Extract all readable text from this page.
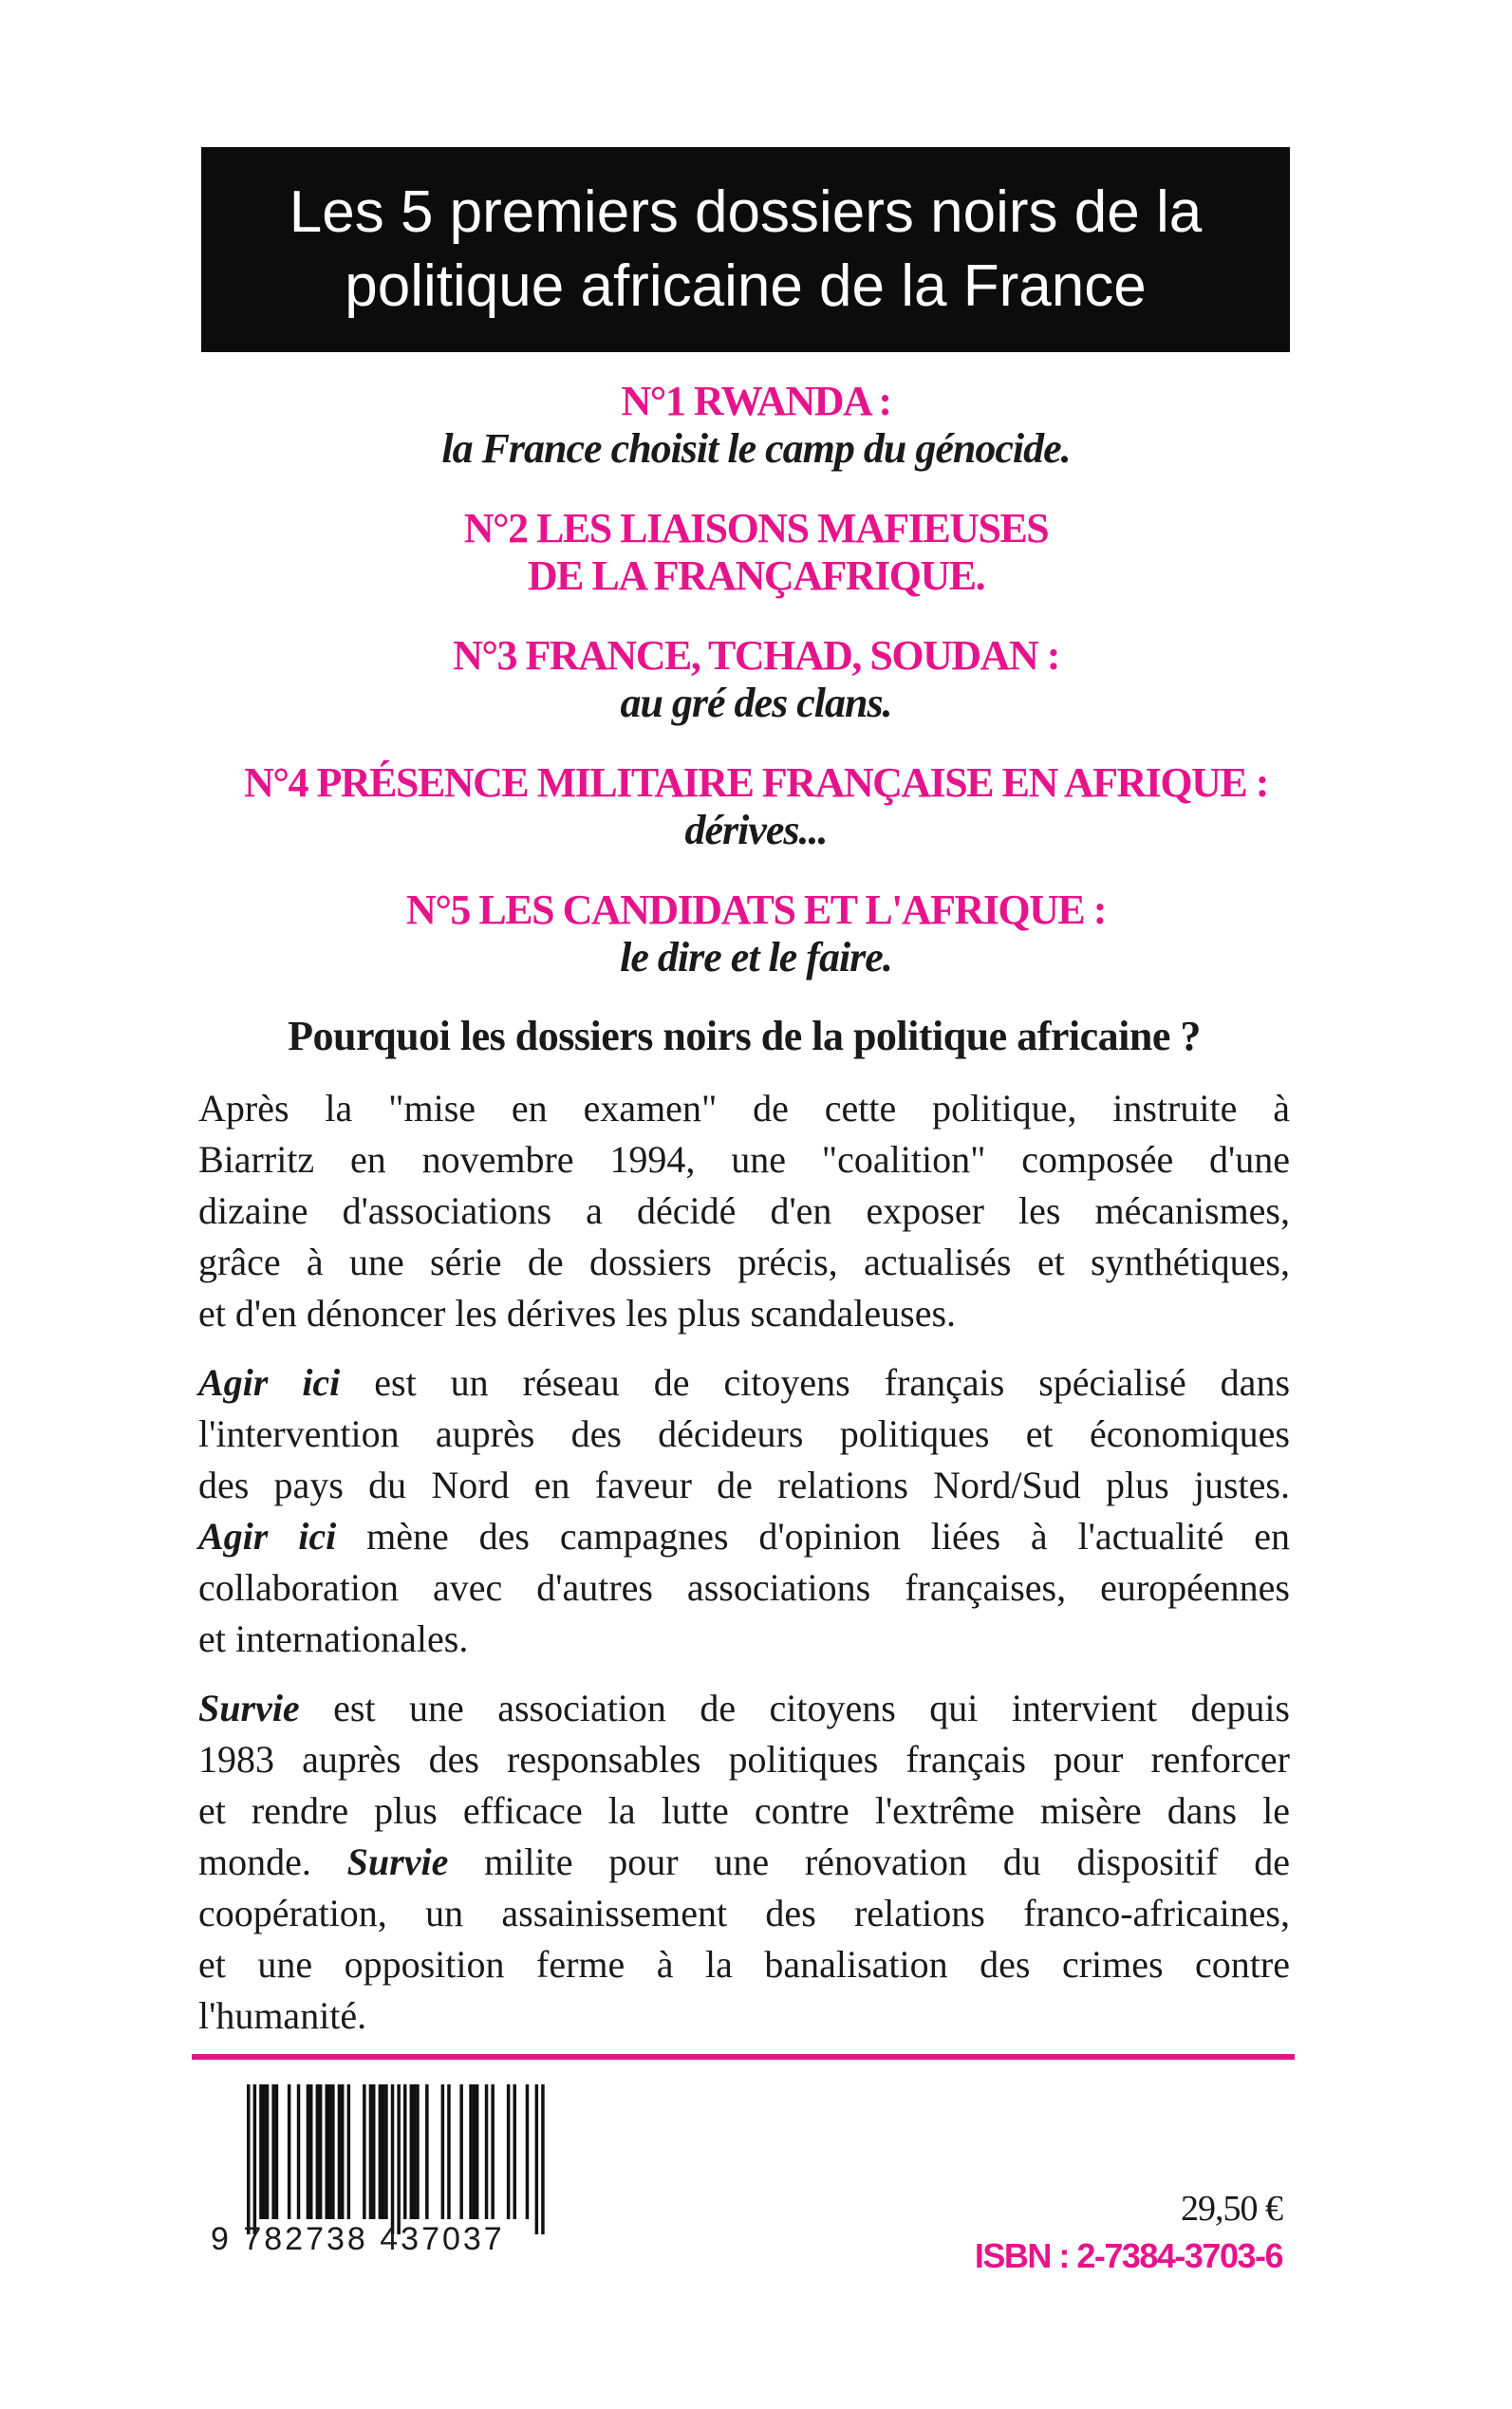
Les 5 premiers dossiers noirs de la
politique africaine de la France
N°1 RWANDA :
la France choisit le camp du génocide.
N°2 LES LIAISONS MAFIEUSES
DE LA FRANÇAFRIQUE.
N°3 FRANCE, TCHAD, SOUDAN :
au gré des clans.
N°4 PRÉSENCE MILITAIRE FRANÇAISE EN AFRIQUE :
dérives...
N°5 LES CANDIDATS ET L'AFRIQUE :
le dire et le faire.
Pourquoi les dossiers noirs de la politique africaine ?
Après la "mise en examen" de cette politique, instruite à
Biarritz en novembre 1994, une "coalition" composée d'une
dizaine d'associations a décidé d'en exposer les mécanismes,
grâce à une série de dossiers précis, actualisés et synthétiques,
et d'en dénoncer les dérives les plus scandaleuses.
Agir ici est un réseau de citoyens français spécialisé dans
l'intervention auprès des décideurs politiques et économiques
des pays du Nord en faveur de relations Nord/Sud plus justes.
Agir ici mène des campagnes d'opinion liées à l'actualité en
collaboration avec d'autres associations françaises, européennes
et internationales.
Survie est une association de citoyens qui intervient depuis
1983 auprès des responsables politiques français pour renforcer
et rendre plus efficace la lutte contre l'extrême misère dans le
monde. Survie milite pour une rénovation du dispositif de
coopération, un assainissement des relations franco-africaines,
et une opposition ferme à la banalisation des crimes contre
l'humanité.
9 782738 437037
29,50 €
ISBN : 2-7384-3703-6
